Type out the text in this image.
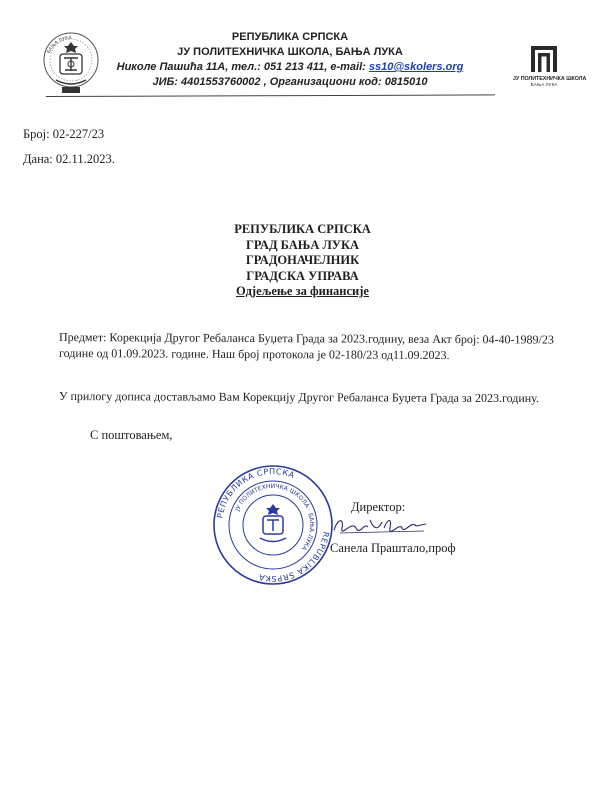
БАЊА ЛУКА	РЕПУБЛИКА СРПСКА
ЈУ ПОЛИТЕХНИЧКА ШКОЛА, БАЊА ЛУКА
Николе Пашића 11А, тел.: 051 213 411, e-mail: ss10@skolers.org
ЈИБ: 4401553760002 , Организациони код: 0815010	ЈУ ПОЛИТЕХНИЧКА ШКОЛА
БАЊА ЛУКА
Број: 02-227/23
Дана: 02.11.2023.
РЕПУБЛИКА СРПСКА
ГРАД БАЊА ЛУКА
ГРАДОНАЧЕЛНИК
ГРАДСКА УПРАВА
Одјељење за финансије
Предмет: Корекција Другог Ребаланса Буџета Града за 2023.годину, веза Акт број: 04-40-1989/23
године од 01.09.2023. године. Наш број протокола је 02-180/23 од11.09.2023.
У прилогу дописа достављамо Вам Корекцију Другог Ребаланса Буџета Града за 2023.годину.
С поштовањем,
РЕПУБЛИКА СРПСКА
REPUBLIKA SRPSKA
ЈУ ПОЛИТЕХНИЧКА ШКОЛА · БАЊА ЛУКА
Директор:
Санела Праштало,проф
